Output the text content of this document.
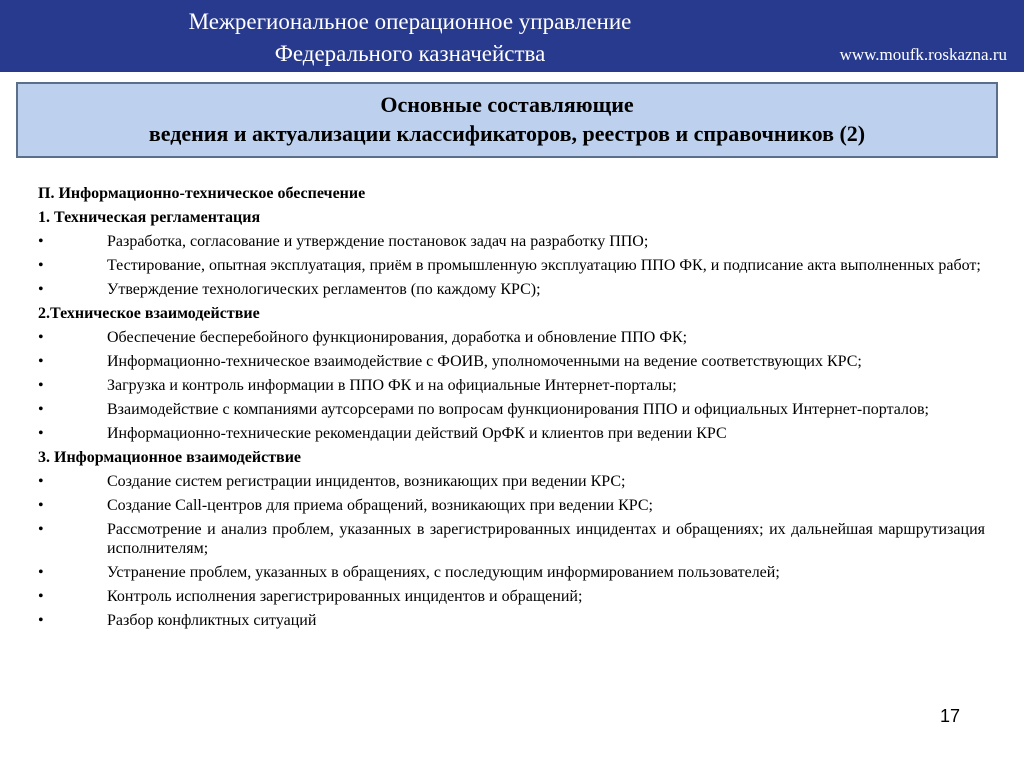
Межрегиональное операционное управление
Федерального казначейства	www.moufk.roskazna.ru
Основные составляющие
ведения и актуализации классификаторов, реестров и справочников (2)
П. Информационно-техническое обеспечение
1. Техническая регламентация
•	Разработка, согласование и утверждение постановок задач на разработку ППО;
•	Тестирование, опытная эксплуатация, приём в промышленную эксплуатацию ППО ФК, и подписание акта выполненных работ;
•	Утверждение технологических регламентов (по каждому КРС);
2.Техническое взаимодействие
•	Обеспечение бесперебойного функционирования, доработка и обновление ППО ФК;
•	Информационно-техническое взаимодействие с ФОИВ, уполномоченными на ведение соответствующих КРС;
•	Загрузка и контроль информации в ППО ФК и на официальные Интернет-порталы;
•	Взаимодействие с компаниями аутсорсерами по вопросам функционирования ППО и официальных Интернет-порталов;
•	Информационно-технические рекомендации действий ОрФК и клиентов при ведении КРС
3. Информационное взаимодействие
•	Создание систем регистрации инцидентов, возникающих при ведении КРС;
•	Создание Call-центров для приема обращений, возникающих при ведении КРС;
•	Рассмотрение и анализ проблем, указанных в зарегистрированных инцидентах и обращениях; их дальнейшая маршрутизация исполнителям;
•	Устранение проблем, указанных в обращениях, с последующим информированием пользователей;
•	Контроль исполнения зарегистрированных инцидентов и обращений;
•	Разбор конфликтных ситуаций
17
